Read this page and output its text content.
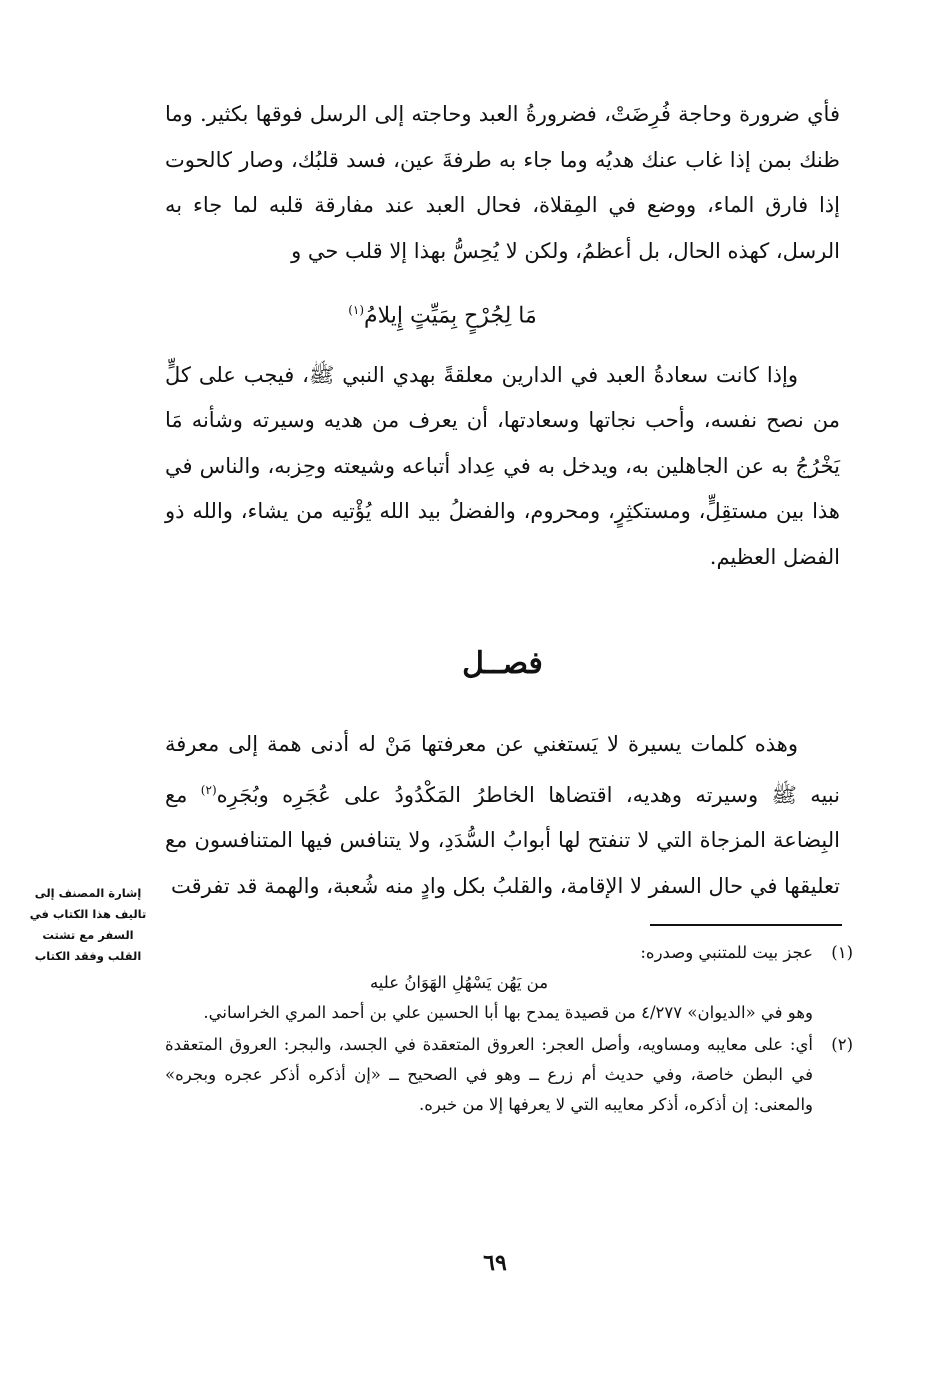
فأي ضرورة وحاجة فُرِضَتْ، فضرورةُ العبد وحاجته إلى الرسل فوقها بكثير. وما ظنك بمن إذا غاب عنك هديُه وما جاء به طرفةَ عين، فسد قلبُك، وصار كالحوت إذا فارق الماء، ووضع في المِقلاة، فحال العبد عند مفارقة قلبه لما جاء به الرسل، كهذه الحال، بل أعظمُ، ولكن لا يُحِسُّ بهذا إلا قلب حي و

مَا لِجُرْحٍ بِمَيِّتٍ إِيلامُ$^{(١)}$

وإذا كانت سعادةُ العبد في الدارين معلقةً بهدي النبي ﷺ، فيجب على كلٍّ من نصح نفسه، وأحب نجاتها وسعادتها، أن يعرف من هديه وسيرته وشأنه مَا يَخْرُجُ به عن الجاهلين به، ويدخل به في عِداد أتباعه وشيعته وحِزبه، والناس في هذا بين مستقِلٍّ، ومستكثِرٍ، ومحروم، والفضلُ بيد الله يُؤْتيه من يشاء، والله ذو الفضل العظيم.

فصــل

وهذه كلمات يسيرة لا يَستغني عن معرفتها مَنْ له أدنى همة إلى معرفة نبيه ﷺ وسيرته وهديه، اقتضاها الخاطرُ المَكْدُودُ على عُجَرِه وبُجَرِه$^{(٢)}$ مع البِضاعة المزجاة التي لا تنفتح لها أبوابُ السُّدَدِ، ولا يتنافس فيها المتنافسون مع تعليقها في حال السفر لا الإقامة، والقلبُ بكل وادٍ منه شُعبة، والهمة قد تفرقت

إشارة المصنف إلى تاليف هذا الكتاب في السفر مع تشتت القلب وفقد الكتاب	(١)

عجز بيت للمتنبي وصدره:

من يَهُن يَسْهُلِ الهَوَانُ عليه

وهو في «الديوان» ٤/٢٧٧ من قصيدة يمدح بها أبا الحسين علي بن أحمد المري الخراساني.

(٢)

أي: على معايبه ومساويه، وأصل العجر: العروق المتعقدة في الجسد، والبجر: العروق المتعقدة في البطن خاصة، وفي حديث أم زرع ــ وهو في الصحيح ــ «إن أذكره أذكر عجره وبجره» والمعنى: إن أذكره، أذكر معايبه التي لا يعرفها إلا من خبره.

٦٩
